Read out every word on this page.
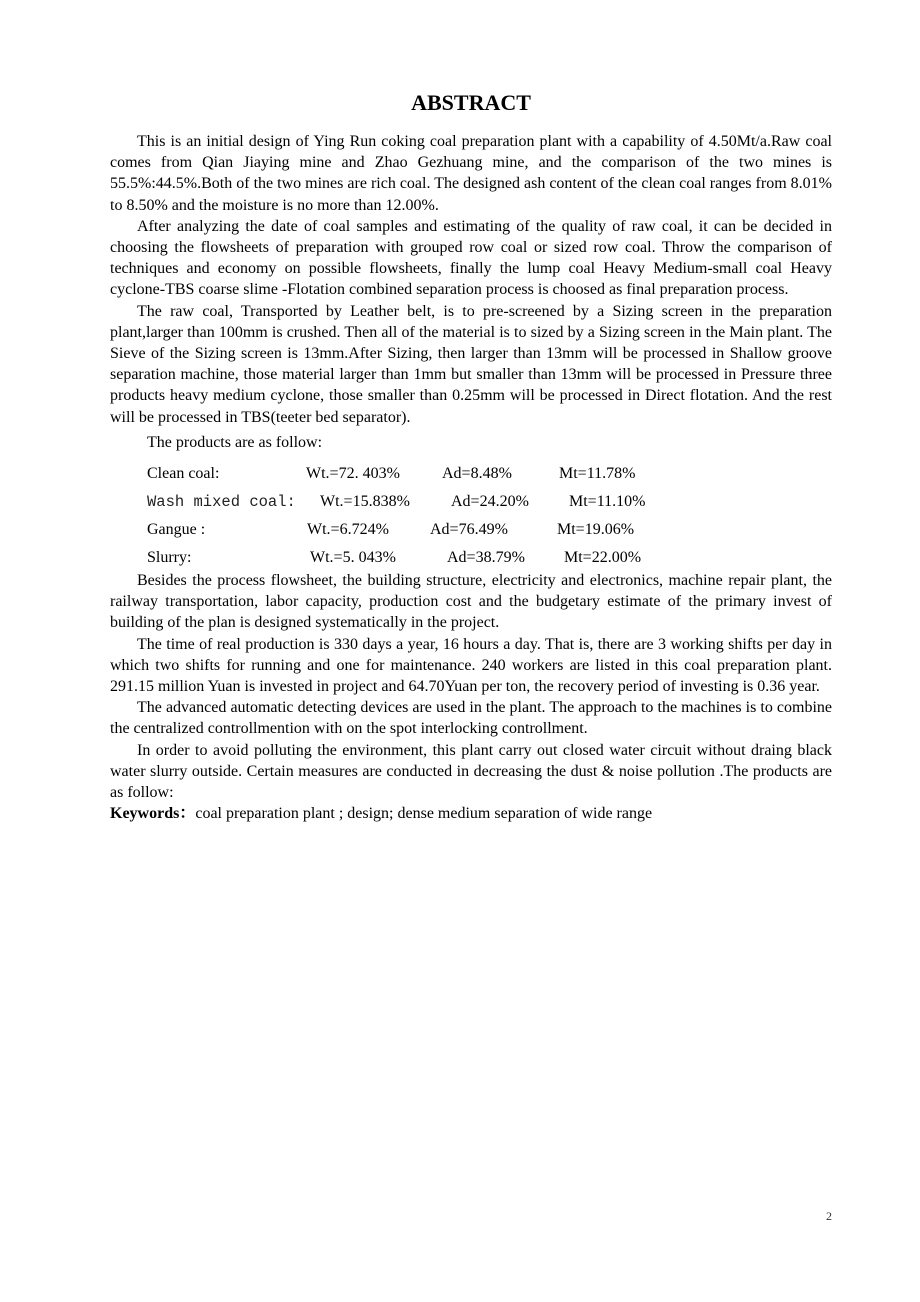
ABSTRACT

This is an initial design of Ying Run coking coal preparation plant with a capability of 4.50Mt/a.Raw coal comes from Qian Jiaying mine and Zhao Gezhuang mine, and the comparison of the two mines is 55.5%:44.5%.Both of the two mines are rich coal. The designed ash content of the clean coal ranges from 8.01% to 8.50% and the moisture is no more than 12.00%.

After analyzing the date of coal samples and estimating of the quality of raw coal, it can be decided in choosing the flowsheets of preparation with grouped row coal or sized row coal. Throw the comparison of techniques and economy on possible flowsheets, finally the lump coal Heavy Medium-small coal Heavy cyclone-TBS coarse slime -Flotation combined separation process is choosed as final preparation process.

The raw coal, Transported by Leather belt, is to pre-screened by a Sizing screen in the preparation plant,larger than 100mm is crushed. Then all of the material is to sized by a Sizing screen in the Main plant. The Sieve of the Sizing screen is 13mm.After Sizing, then larger than 13mm will be processed in Shallow groove separation machine, those material larger than 1mm but smaller than 13mm will be processed in Pressure three products heavy medium cyclone, those smaller than 0.25mm will be processed in Direct flotation. And the rest will be processed in TBS(teeter bed separator).

The products are as follow:
Clean coal:	Wt.=72. 403%	Ad=8.48%	Mt=11.78%
Wash mixed coal: Wt.=15.838%	Ad=24.20%	Mt=11.10%
Gangue :	Wt.=6.724%	Ad=76.49%	Mt=19.06%
Slurry:	Wt.=5. 043%	Ad=38.79% Mt=22.00%

Besides the process flowsheet, the building structure, electricity and electronics, machine repair plant, the railway transportation, labor capacity, production cost and the budgetary estimate of the primary invest of building of the plan is designed systematically in the project.

The time of real production is 330 days a year, 16 hours a day. That is, there are 3 working shifts per day in which two shifts for running and one for maintenance. 240 workers are listed in this coal preparation plant. 291.15 million Yuan is invested in project and 64.70Yuan per ton, the recovery period of investing is 0.36 year.

The advanced automatic detecting devices are used in the plant. The approach to the machines is to combine the centralized controllmention with on the spot interlocking controllment.

In order to avoid polluting the environment, this plant carry out closed water circuit without draing black water slurry outside. Certain measures are conducted in decreasing the dust & noise pollution .The products are as follow:

Keywords：coal preparation plant ; design; dense medium separation of wide range

2
